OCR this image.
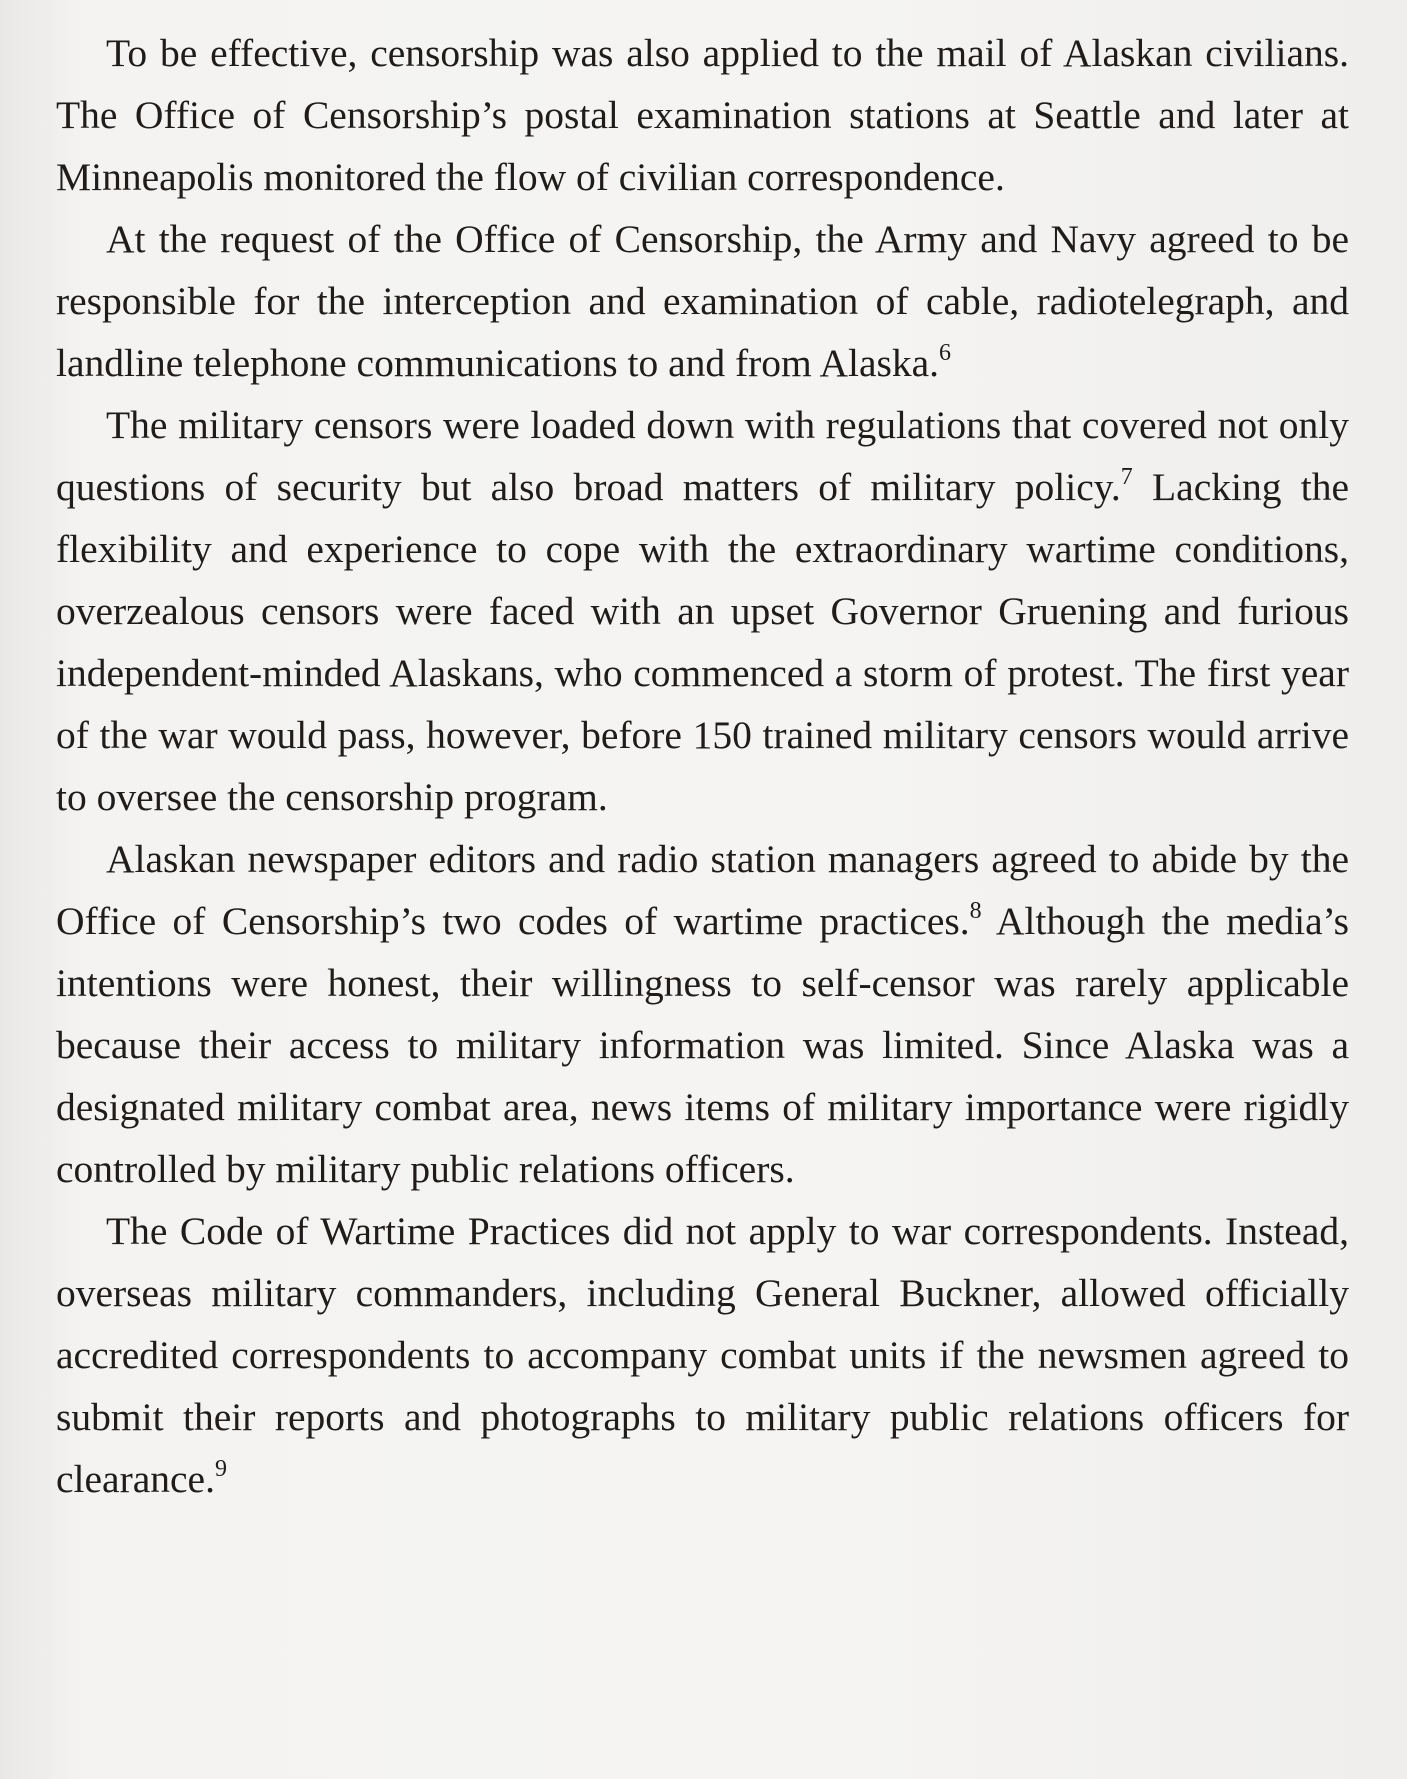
To be effective, censorship was also applied to the mail of Alaskan civilians. The Office of Censorship’s postal examination stations at Seattle and later at Minneapolis monitored the flow of civilian correspondence.

At the request of the Office of Censorship, the Army and Navy agreed to be responsible for the interception and examination of cable, radiotelegraph, and landline telephone communications to and from Alaska.$^6$

The military censors were loaded down with regulations that covered not only questions of security but also broad matters of military policy.$^7$ Lacking the flexibility and experience to cope with the extraordinary wartime conditions, overzealous censors were faced with an upset Governor Gruening and furious independent-minded Alaskans, who commenced a storm of protest. The first year of the war would pass, however, before 150 trained military censors would arrive to oversee the censorship program.

Alaskan newspaper editors and radio station managers agreed to abide by the Office of Censorship’s two codes of wartime practices.$^8$ Although the media’s intentions were honest, their willingness to self-censor was rarely applicable because their access to military information was limited. Since Alaska was a designated military combat area, news items of military importance were rigidly controlled by military public relations officers.

The Code of Wartime Practices did not apply to war correspondents. Instead, overseas military commanders, including General Buckner, allowed officially accredited correspondents to accompany combat units if the newsmen agreed to submit their reports and photographs to military public relations officers for clearance.$^9$
